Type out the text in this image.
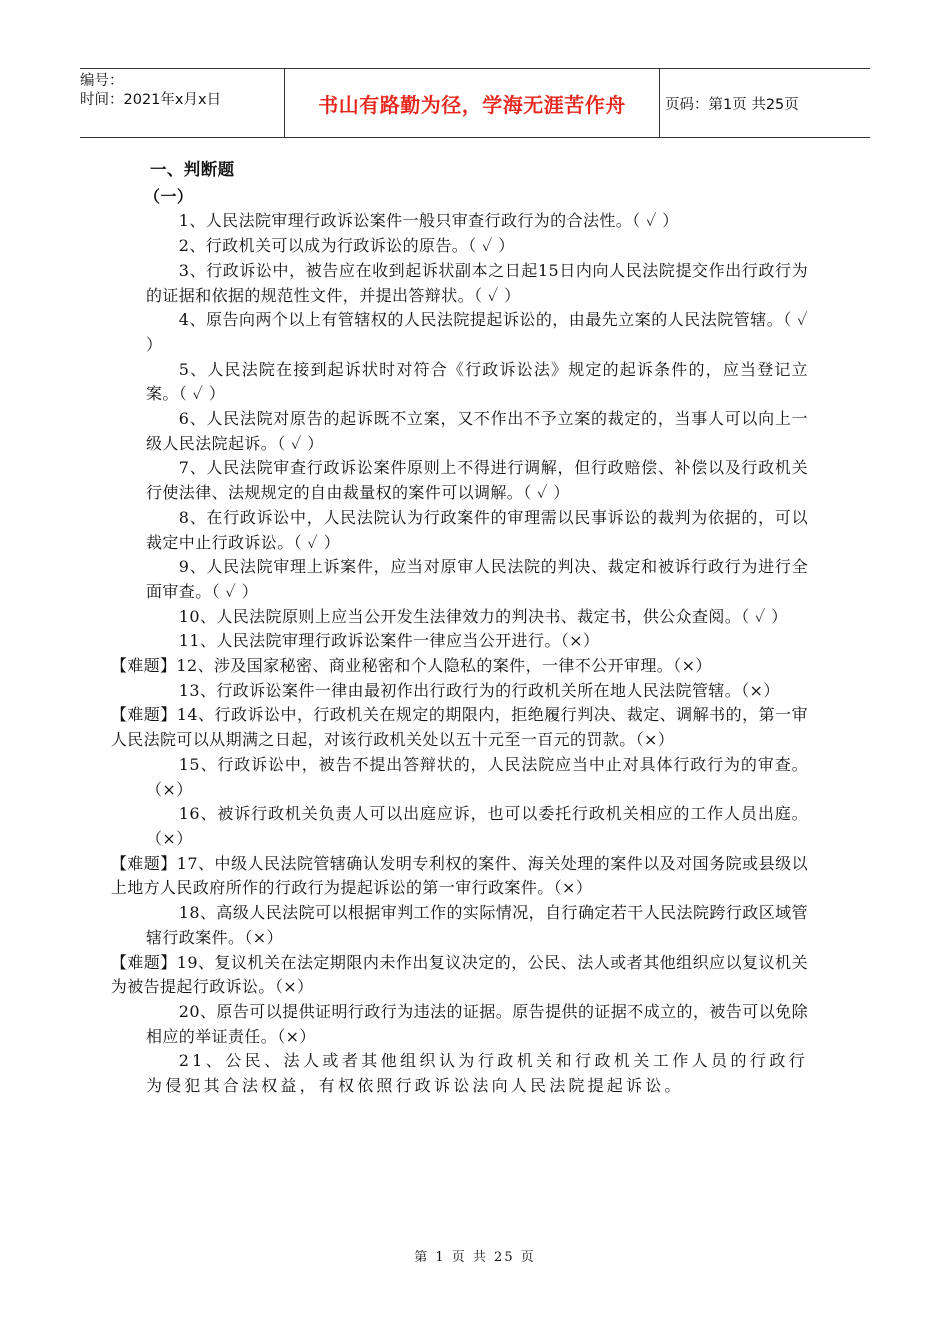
编号：
时间：2021年x月x日	书山有路勤为径，学海无涯苦作舟	页码：第1页 共25页
一、判断题
（一）
1、人民法院审理行政诉讼案件一般只审查行政行为的合法性。（ ✓ ）
2、行政机关可以成为行政诉讼的原告。（ ✓ ）
3、行政诉讼中，被告应在收到起诉状副本之日起15日内向人民法院提交作出行政行为的证据和依据的规范性文件，并提出答辩状。（ ✓ ）
4、原告向两个以上有管辖权的人民法院提起诉讼的，由最先立案的人民法院管辖。（ ✓ ）
5、人民法院在接到起诉状时对符合《行政诉讼法》规定的起诉条件的，应当登记立案。（ ✓ ）
6、人民法院对原告的起诉既不立案，又不作出不予立案的裁定的，当事人可以向上一级人民法院起诉。（ ✓ ）
7、人民法院审查行政诉讼案件原则上不得进行调解，但行政赔偿、补偿以及行政机关行使法律、法规规定的自由裁量权的案件可以调解。（ ✓ ）
8、在行政诉讼中，人民法院认为行政案件的审理需以民事诉讼的裁判为依据的，可以裁定中止行政诉讼。（ ✓ ）
9、人民法院审理上诉案件，应当对原审人民法院的判决、裁定和被诉行政行为进行全面审查。（ ✓ ）
10、人民法院原则上应当公开发生法律效力的判决书、裁定书，供公众查阅。（ ✓ ）
11、人民法院审理行政诉讼案件一律应当公开进行。（×）
【难题】12、涉及国家秘密、商业秘密和个人隐私的案件，一律不公开审理。（×）
13、行政诉讼案件一律由最初作出行政行为的行政机关所在地人民法院管辖。（×）
【难题】14、行政诉讼中，行政机关在规定的期限内，拒绝履行判决、裁定、调解书的，第一审人民法院可以从期满之日起，对该行政机关处以五十元至一百元的罚款。（×）
15、行政诉讼中，被告不提出答辩状的，人民法院应当中止对具体行政行为的审查。（×）
16、被诉行政机关负责人可以出庭应诉，也可以委托行政机关相应的工作人员出庭。（×）
【难题】17、中级人民法院管辖确认发明专利权的案件、海关处理的案件以及对国务院或县级以上地方人民政府所作的行政行为提起诉讼的第一审行政案件。（×）
18、高级人民法院可以根据审判工作的实际情况，自行确定若干人民法院跨行政区域管辖行政案件。（×）
【难题】19、复议机关在法定期限内未作出复议决定的，公民、法人或者其他组织应以复议机关为被告提起行政诉讼。（×）
20、原告可以提供证明行政行为违法的证据。原告提供的证据不成立的，被告可以免除相应的举证责任。（×）
21、公民、法人或者其他组织认为行政机关和行政机关工作人员的行政行为侵犯其合法权益，有权依照行政诉讼法向人民法院提起诉讼。
第 1 页 共 25 页
